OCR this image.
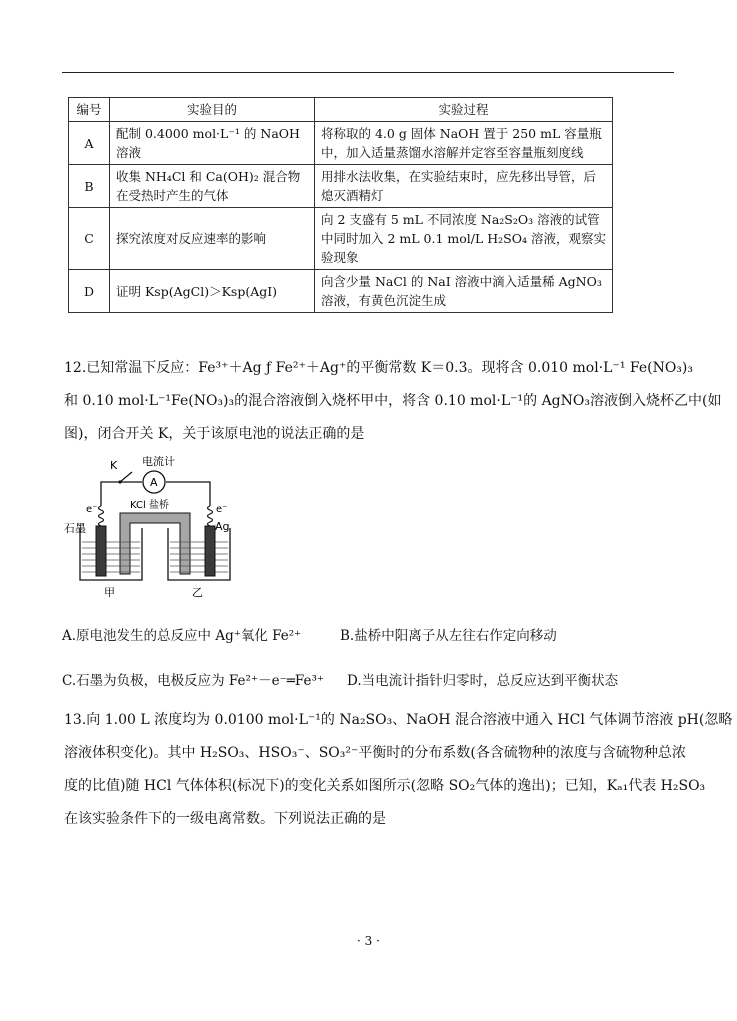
编号	实验目的	实验过程
A	配制 0.4000 mol·L⁻¹ 的 NaOH 溶液	将称取的 4.0 g 固体 NaOH 置于 250 mL 容量瓶中，加入适量蒸馏水溶解并定容至容量瓶刻度线
B	收集 NH₄Cl 和 Ca(OH)₂ 混合物在受热时产生的气体	用排水法收集，在实验结束时，应先移出导管，后熄灭酒精灯
C	探究浓度对反应速率的影响	向 2 支盛有 5 mL 不同浓度 Na₂S₂O₃ 溶液的试管中同时加入 2 mL 0.1 mol/L H₂SO₄ 溶液，观察实验现象
D	证明 Ksp(AgCl)＞Ksp(AgI)	向含少量 NaCl 的 NaI 溶液中滴入适量稀 AgNO₃ 溶液，有黄色沉淀生成
12.已知常温下反应：Fe³⁺＋Ag ƒ Fe²⁺＋Ag⁺的平衡常数 K＝0.3。现将含 0.010 mol·L⁻¹ Fe(NO₃)₃
和 0.10 mol·L⁻¹Fe(NO₃)₃的混合溶液倒入烧杯甲中，将含 0.10 mol·L⁻¹的 AgNO₃溶液倒入烧杯乙中(如
图)，闭合开关 K，关于该原电池的说法正确的是
K
A
电流计
e⁻	e⁻
KCl 盐桥
石墨	Ag
甲	乙
A.原电池发生的总反应中 Ag⁺氧化 Fe²⁺	B.盐桥中阳离子从左往右作定向移动
C.石墨为负极，电极反应为 Fe²⁺－e⁻═Fe³⁺ D.当电流计指针归零时，总反应达到平衡状态
13.向 1.00 L 浓度均为 0.0100 mol·L⁻¹的 Na₂SO₃、NaOH 混合溶液中通入 HCl 气体调节溶液 pH(忽略
溶液体积变化)。其中 H₂SO₃、HSO₃⁻、SO₃²⁻平衡时的分布系数(各含硫物种的浓度与含硫物种总浓
度的比值)随 HCl 气体体积(标况下)的变化关系如图所示(忽略 SO₂气体的逸出)；已知，Kₐ₁代表 H₂SO₃
在该实验条件下的一级电离常数。下列说法正确的是
· 3 ·
